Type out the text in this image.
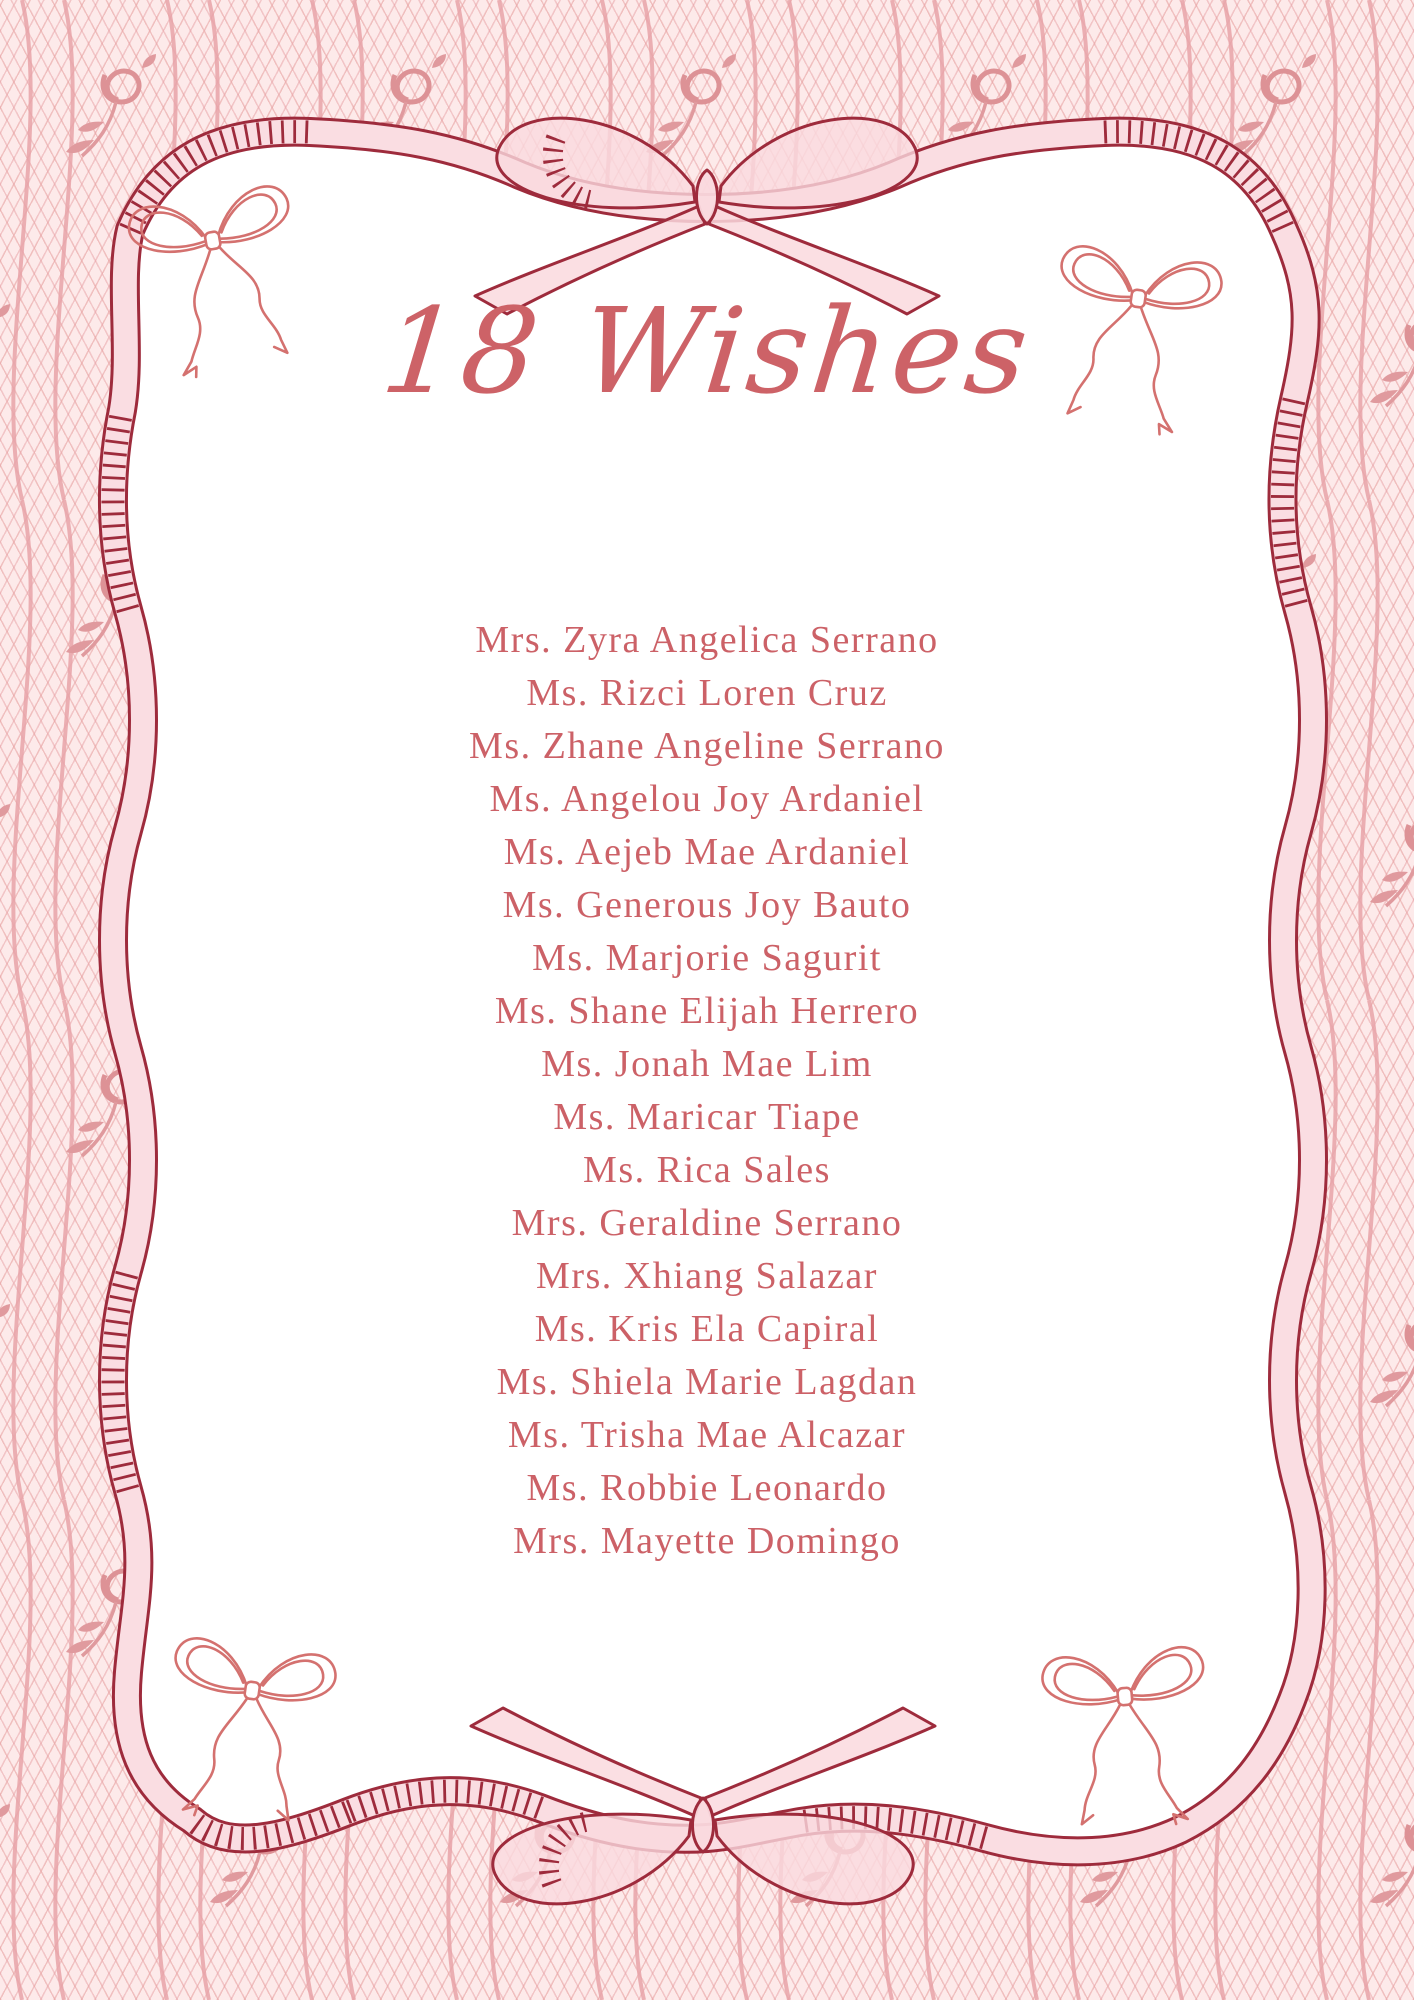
18 Wishes
Mrs. Zyra Angelica Serrano
Ms. Rizci Loren Cruz
Ms. Zhane Angeline Serrano
Ms. Angelou Joy Ardaniel
Ms. Aejeb Mae Ardaniel
Ms. Generous Joy Bauto
Ms. Marjorie Sagurit
Ms. Shane Elijah Herrero
Ms. Jonah Mae Lim
Ms. Maricar Tiape
Ms. Rica Sales
Mrs. Geraldine Serrano
Mrs. Xhiang Salazar
Ms. Kris Ela Capiral
Ms. Shiela Marie Lagdan
Ms. Trisha Mae Alcazar
Ms. Robbie Leonardo
Mrs. Mayette Domingo
